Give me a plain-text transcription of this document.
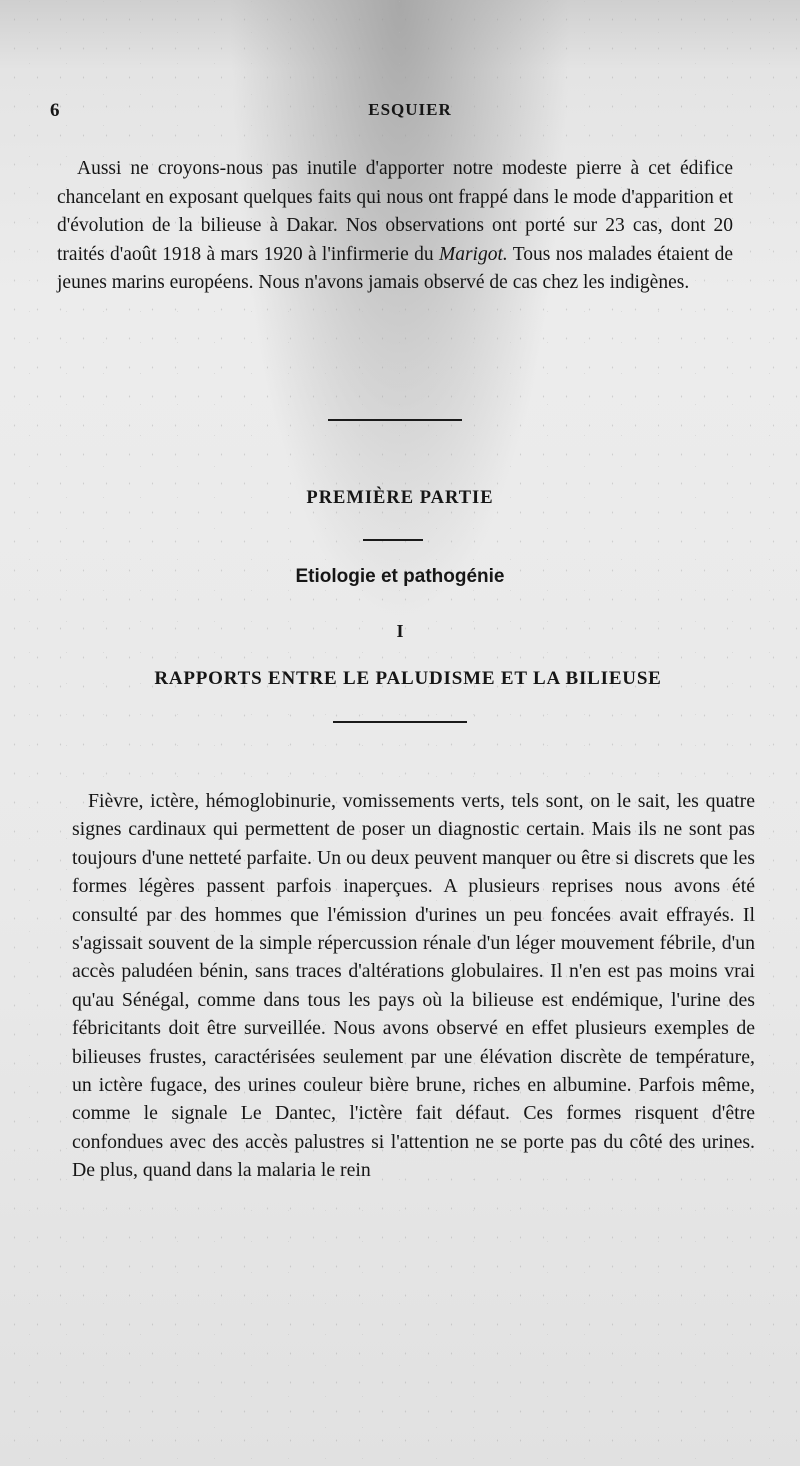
6	ESQUIER

Aussi ne croyons-nous pas inutile d'apporter notre modeste pierre à cet édifice chancelant en exposant quelques faits qui nous ont frappé dans le mode d'apparition et d'évolution de la bilieuse à Dakar. Nos observations ont porté sur 23 cas, dont 20 traités d'août 1918 à mars 1920 à l'infirmerie du Marigot. Tous nos malades étaient de jeunes marins européens. Nous n'avons jamais observé de cas chez les indigènes.

PREMIÈRE PARTIE
Etiologie et pathogénie
I
RAPPORTS ENTRE LE PALUDISME ET LA BILIEUSE

Fièvre, ictère, hémoglobinurie, vomissements verts, tels sont, on le sait, les quatre signes cardinaux qui permettent de poser un diagnostic certain. Mais ils ne sont pas toujours d'une netteté parfaite. Un ou deux peuvent manquer ou être si discrets que les formes légères passent parfois inaperçues. A plusieurs reprises nous avons été consulté par des hommes que l'émission d'urines un peu foncées avait effrayés. Il s'agissait souvent de la simple répercussion rénale d'un léger mouvement fébrile, d'un accès paludéen bénin, sans traces d'altérations globulaires. Il n'en est pas moins vrai qu'au Sénégal, comme dans tous les pays où la bilieuse est endémique, l'urine des fébricitants doit être surveillée. Nous avons observé en effet plusieurs exemples de bilieuses frustes, caractérisées seulement par une élévation discrète de température, un ictère fugace, des urines couleur bière brune, riches en albumine. Parfois même, comme le signale Le Dantec, l'ictère fait défaut. Ces formes risquent d'être confondues avec des accès palustres si l'attention ne se porte pas du côté des urines. De plus, quand dans la malaria le rein
